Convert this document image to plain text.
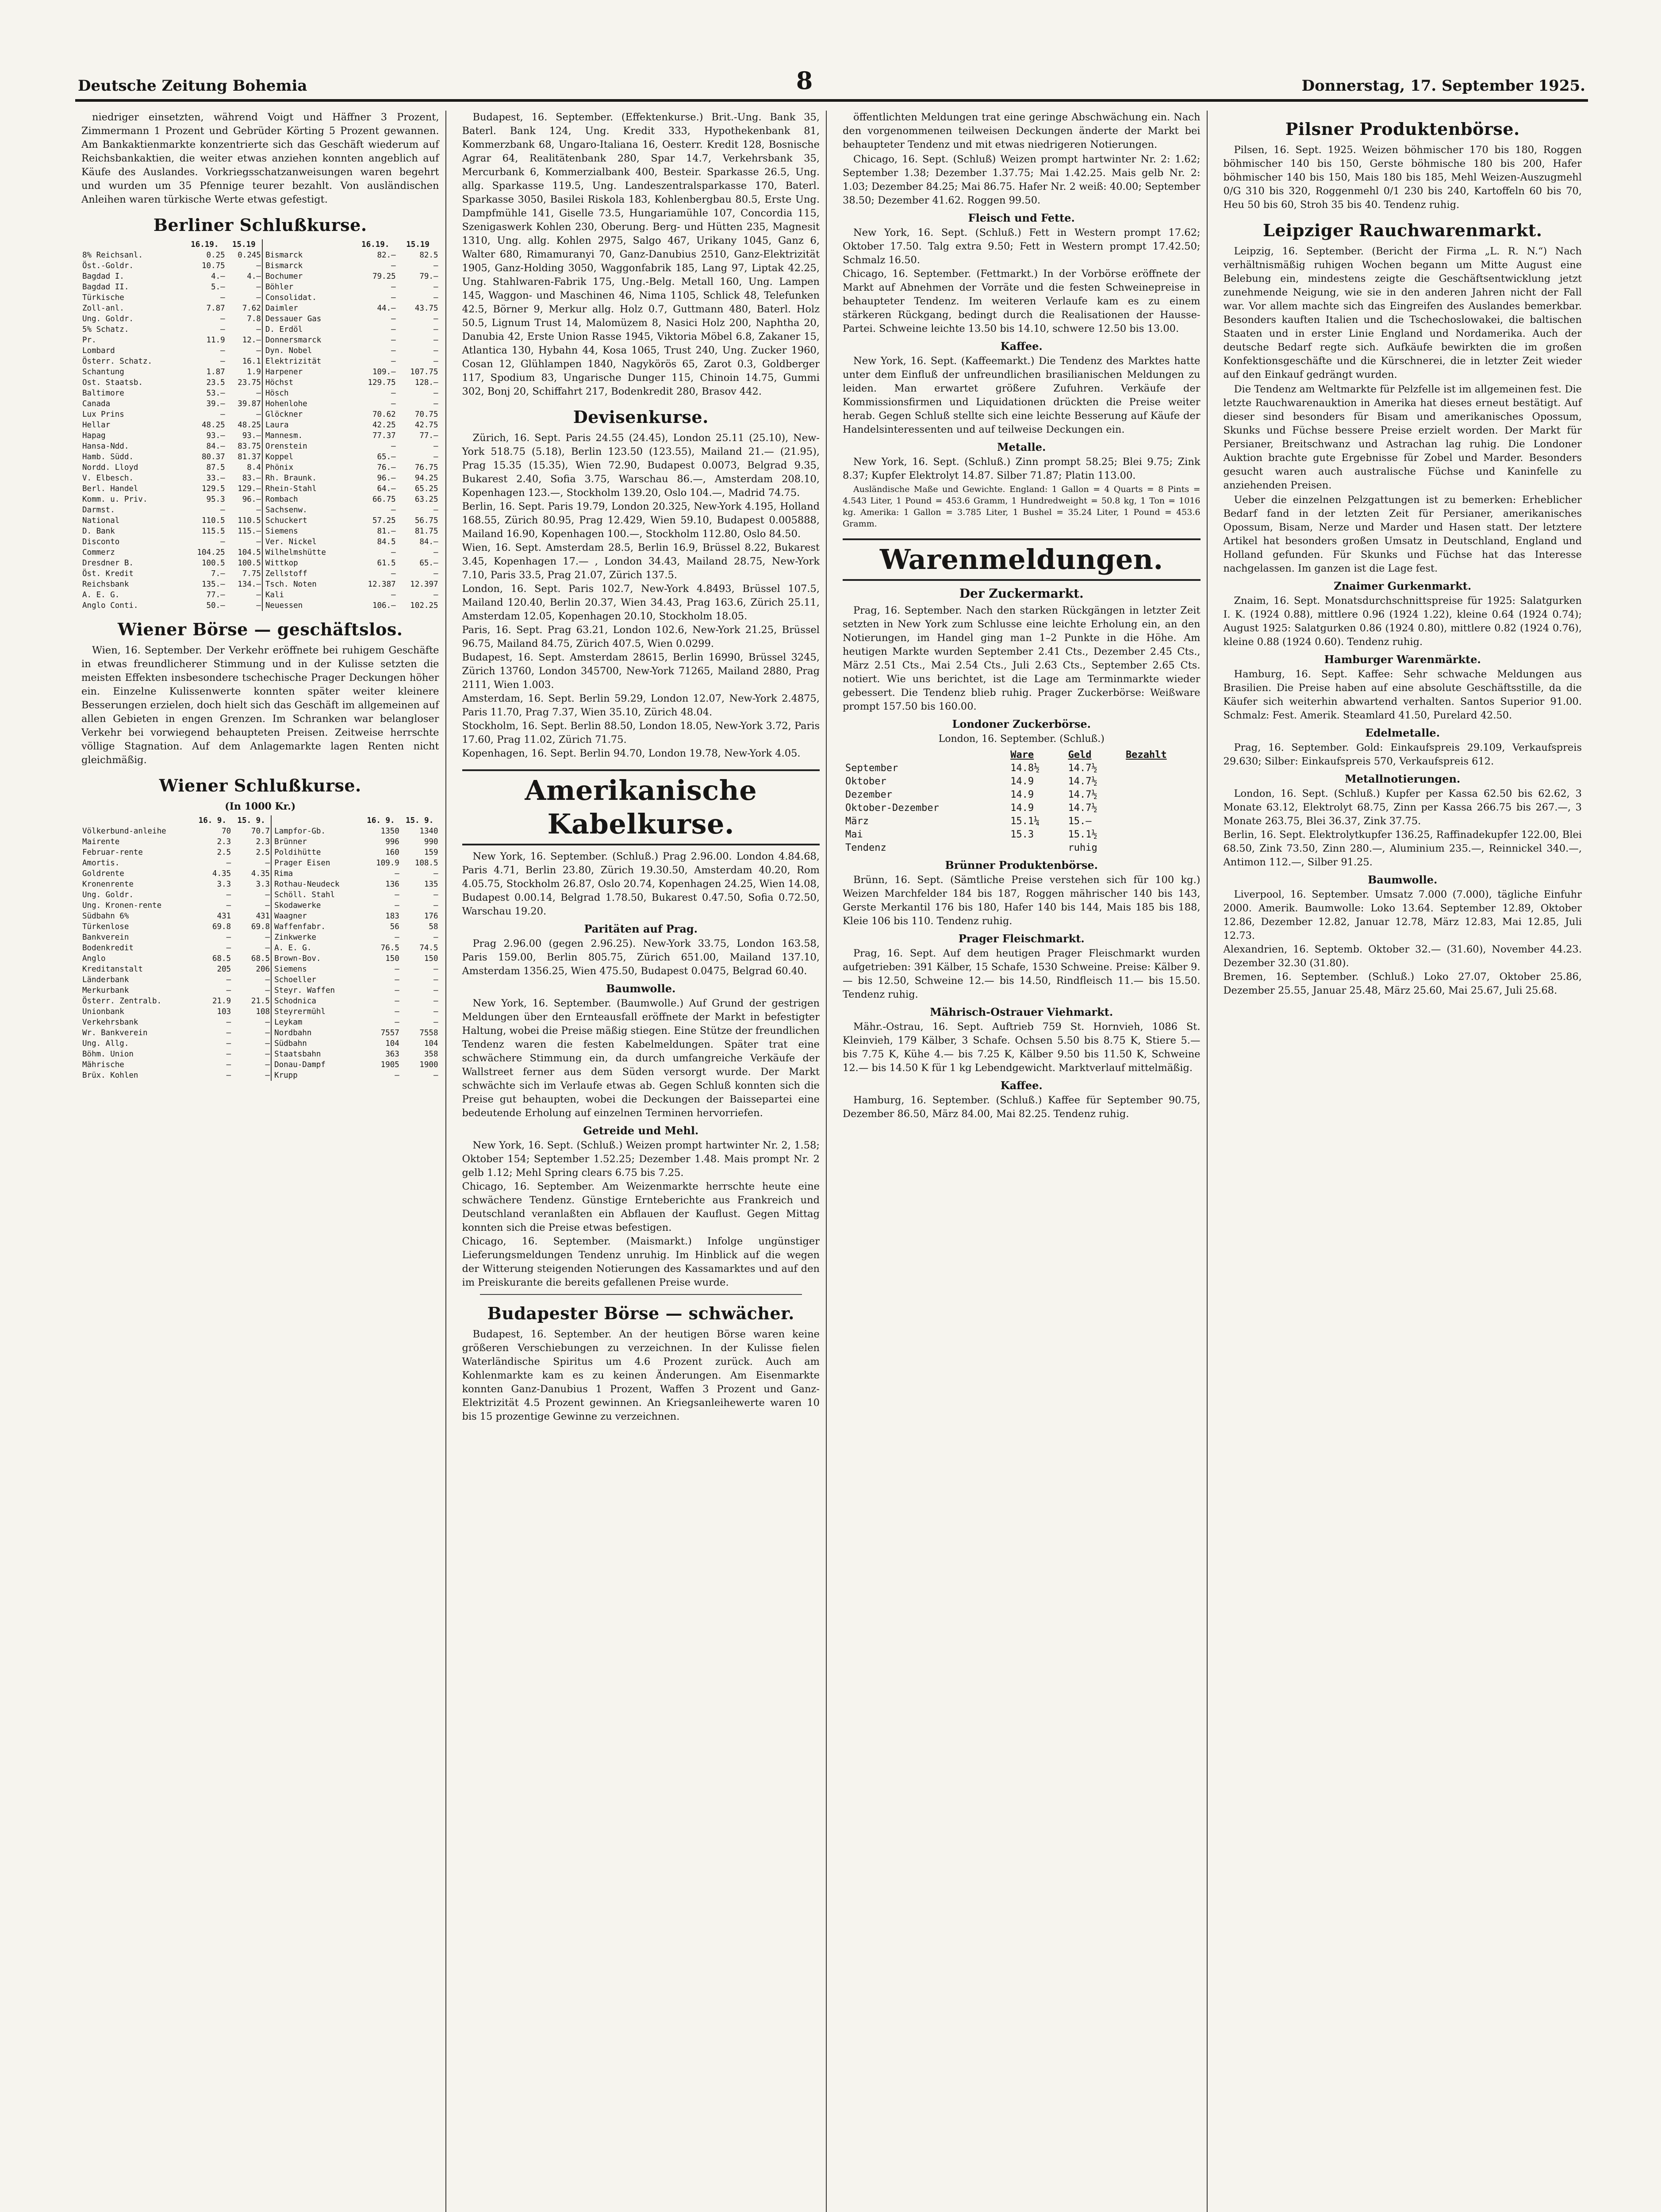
Deutsche Zeitung Bohemia	8	Donnerstag, 17. September 1925.

niedriger einsetzten, während Voigt und Häffner 3 Prozent, Zimmermann 1 Prozent und Gebrüder Körting 5 Prozent gewannen. Am Bankaktienmarkte konzentrierte sich das Geschäft wiederum auf Reichsbankaktien, die weiter etwas anziehen konnten angeblich auf Käufe des Auslandes. Vorkriegsschatzanweisungen waren begehrt und wurden um 35 Pfennige teurer bezahlt. Von ausländischen Anleihen waren türkische Werte etwas gefestigt.

Berliner Schlußkurse.
	16.19.	15.19		16.19.	15.19
8% Reichsanl.	0.25	0.245	Bismarck	82.—	82.5
Öst.-Goldr.	10.75	—	Bismarck	—	—
Bagdad I.	4.—	4.—	Bochumer	79.25	79.—
Bagdad II.	5.—	—	Böhler	—	—
Türkische	—	—	Consolidat.	—	—
Zoll-anl.	7.87	7.62	Daimler	44.—	43.75
Ung. Goldr.	—	7.8	Dessauer Gas	—	—
5% Schatz.	—	—	D. Erdöl	—	—
Pr.	11.9	12.—	Donnersmarck	—	—
Lombard	—	—	Dyn. Nobel	—	—
Österr. Schatz.	—	16.1	Elektrizität	—	—
Schantung	1.87	1.9	Harpener	109.—	107.75
Ost. Staatsb.	23.5	23.75	Höchst	129.75	128.—
Baltimore	53.—	—	Hösch	—	—
Canada	39.—	39.87	Hohenlohe	—	—
Lux Prins	—	—	Glöckner	70.62	70.75
Hellar	48.25	48.25	Laura	42.25	42.75
Hapag	93.—	93.—	Mannesm.	77.37	77.—
Hansa-Ndd.	84.—	83.75	Orenstein	—	—
Hamb. Südd.	80.37	81.37	Koppel	65.—	—
Nordd. Lloyd	87.5	8.4	Phönix	76.—	76.75
V. Elbesch.	33.—	83.—	Rh. Braunk.	96.—	94.25
Berl. Handel	129.5	129.—	Rhein-Stahl	64.—	65.25
Komm. u. Priv.	95.3	96.—	Rombach	66.75	63.25
Darmst.	—	—	Sachsenw.	—	—
National	110.5	110.5	Schuckert	57.25	56.75
D. Bank	115.5	115.—	Siemens	81.—	81.75
Disconto	—	—	Ver. Nickel	84.5	84.—
Commerz	104.25	104.5	Wilhelmshütte	—	—
Dresdner B.	100.5	100.5	Wittkop	61.5	65.—
Öst. Kredit	7.—	7.75	Zellstoff	—	—
Reichsbank	135.—	134.—	Tsch. Noten	12.387	12.397
A. E. G.	77.—	—	Kali	—	—
Anglo Conti.	50.—	—	Neuessen	106.—	102.25
Wiener Börse — geschäftslos.

Wien, 16. September. Der Verkehr eröffnete bei ruhigem Geschäfte in etwas freundlicherer Stimmung und in der Kulisse setzten die meisten Effekten insbesondere tschechische Prager Deckungen höher ein. Einzelne Kulissenwerte konnten später weiter kleinere Besserungen erzielen, doch hielt sich das Geschäft im allgemeinen auf allen Gebieten in engen Grenzen. Im Schranken war belangloser Verkehr bei vorwiegend behaupteten Preisen. Zeitweise herrschte völlige Stagnation. Auf dem Anlagemarkte lagen Renten nicht gleichmäßig.

Wiener Schlußkurse.
(In 1000 Kr.)
	16. 9.	15. 9.		16. 9.	15. 9.
Völkerbund-anleihe	70	70.7	Lampfor-Gb.	1350	1340
Mairente	2.3	2.3	Brünner	996	990
Februar-rente	2.5	2.5	Poldihütte	160	159
Amortis.	—	—	Prager Eisen	109.9	108.5
Goldrente	4.35	4.35	Rima	—	—
Kronenrente	3.3	3.3	Rothau-Neudeck	136	135
Ung. Goldr.	—	—	Schöll. Stahl	—	—
Ung. Kronen-rente	—	—	Skodawerke	—	—
Südbahn 6%	431	431	Waagner	183	176
Türkenlose	69.8	69.8	Waffenfabr.	56	58
Bankverein	—	—	Zinkwerke	—	—
Bodenkredit	—	—	A. E. G.	76.5	74.5
Anglo	68.5	68.5	Brown-Bov.	150	150
Kreditanstalt	205	206	Siemens	—	—
Länderbank	—	—	Schoeller	—	—
Merkurbank	—	—	Steyr. Waffen	—	—
Österr. Zentralb.	21.9	21.5	Schodnica	—	—
Unionbank	103	108	Steyrermühl	—	—
Verkehrsbank	—	—	Leykam	—	—
Wr. Bankverein	—	—	Nordbahn	7557	7558
Ung. Allg.	—	—	Südbahn	104	104
Böhm. Union	—	—	Staatsbahn	363	358
Mährische	—	—	Donau-Dampf	1905	1900
Brüx. Kohlen	—	—	Krupp	—	—

Budapest, 16. September. (Effektenkurse.) Brit.-Ung. Bank 35, Baterl. Bank 124, Ung. Kredit 333, Hypothekenbank 81, Kommerzbank 68, Ungaro-Italiana 16, Oesterr. Kredit 128, Bosnische Agrar 64, Realitätenbank 280, Spar 14.7, Verkehrsbank 35, Mercurbank 6, Kommerzialbank 400, Besteir. Sparkasse 26.5, Ung. allg. Sparkasse 119.5, Ung. Landeszentralsparkasse 170, Baterl. Sparkasse 3050, Basilei Riskola 183, Kohlenbergbau 80.5, Erste Ung. Dampfmühle 141, Giselle 73.5, Hungariamühle 107, Concordia 115, Szenigaswerk Kohlen 230, Oberung. Berg- und Hütten 235, Magnesit 1310, Ung. allg. Kohlen 2975, Salgo 467, Urikany 1045, Ganz 6, Walter 680, Rimamuranyi 70, Ganz-Danubius 2510, Ganz-Elektrizität 1905, Ganz-Holding 3050, Waggonfabrik 185, Lang 97, Liptak 42.25, Ung. Stahlwaren-Fabrik 175, Ung.-Belg. Metall 160, Ung. Lampen 145, Waggon- und Maschinen 46, Nima 1105, Schlick 48, Telefunken 42.5, Börner 9, Merkur allg. Holz 0.7, Guttmann 480, Baterl. Holz 50.5, Lignum Trust 14, Malomüzem 8, Nasici Holz 200, Naphtha 20, Danubia 42, Erste Union Rasse 1945, Viktoria Möbel 6.8, Zakaner 15, Atlantica 130, Hybahn 44, Kosa 1065, Trust 240, Ung. Zucker 1960, Cosan 12, Glühlampen 1840, Nagykörös 65, Zarot 0.3, Goldberger 117, Spodium 83, Ungarische Dunger 115, Chinoin 14.75, Gummi 302, Bonj 20, Schiffahrt 217, Bodenkredit 280, Brasov 442.

Devisenkurse.

Zürich, 16. Sept. Paris 24.55 (24.45), London 25.11 (25.10), New-York 518.75 (5.18), Berlin 123.50 (123.55), Mailand 21.— (21.95), Prag 15.35 (15.35), Wien 72.90, Budapest 0.0073, Belgrad 9.35, Bukarest 2.40, Sofia 3.75, Warschau 86.—, Amsterdam 208.10, Kopenhagen 123.—, Stockholm 139.20, Oslo 104.—, Madrid 74.75.
Berlin, 16. Sept. Paris 19.79, London 20.325, New-York 4.195, Holland 168.55, Zürich 80.95, Prag 12.429, Wien 59.10, Budapest 0.005888, Mailand 16.90, Kopenhagen 100.—, Stockholm 112.80, Oslo 84.50.
Wien, 16. Sept. Amsterdam 28.5, Berlin 16.9, Brüssel 8.22, Bukarest 3.45, Kopenhagen 17.— , London 34.43, Mailand 28.75, New-York 7.10, Paris 33.5, Prag 21.07, Zürich 137.5.
London, 16. Sept. Paris 102.7, New-York 4.8493, Brüssel 107.5, Mailand 120.40, Berlin 20.37, Wien 34.43, Prag 163.6, Zürich 25.11, Amsterdam 12.05, Kopenhagen 20.10, Stockholm 18.05.
Paris, 16. Sept. Prag 63.21, London 102.6, New-York 21.25, Brüssel 96.75, Mailand 84.75, Zürich 407.5, Wien 0.0299.
Budapest, 16. Sept. Amsterdam 28615, Berlin 16990, Brüssel 3245, Zürich 13760, London 345700, New-York 71265, Mailand 2880, Prag 2111, Wien 1.003.
Amsterdam, 16. Sept. Berlin 59.29, London 12.07, New-York 2.4875, Paris 11.70, Prag 7.37, Wien 35.10, Zürich 48.04.
Stockholm, 16. Sept. Berlin 88.50, London 18.05, New-York 3.72, Paris 17.60, Prag 11.02, Zürich 71.75.
Kopenhagen, 16. Sept. Berlin 94.70, London 19.78, New-York 4.05.

Amerikanische Kabelkurse.

New York, 16. September. (Schluß.) Prag 2.96.00. London 4.84.68, Paris 4.71, Berlin 23.80, Zürich 19.30.50, Amsterdam 40.20, Rom 4.05.75, Stockholm 26.87, Oslo 20.74, Kopenhagen 24.25, Wien 14.08, Budapest 0.00.14, Belgrad 1.78.50, Bukarest 0.47.50, Sofia 0.72.50, Warschau 19.20.

Paritäten auf Prag.

Prag 2.96.00 (gegen 2.96.25). New-York 33.75, London 163.58, Paris 159.00, Berlin 805.75, Zürich 651.00, Mailand 137.10, Amsterdam 1356.25, Wien 475.50, Budapest 0.0475, Belgrad 60.40.

Baumwolle.

New York, 16. September. (Baumwolle.) Auf Grund der gestrigen Meldungen über den Ernteausfall eröffnete der Markt in befestigter Haltung, wobei die Preise mäßig stiegen. Eine Stütze der freundlichen Tendenz waren die festen Kabelmeldungen. Später trat eine schwächere Stimmung ein, da durch umfangreiche Verkäufe der Wallstreet ferner aus dem Süden versorgt wurde. Der Markt schwächte sich im Verlaufe etwas ab. Gegen Schluß konnten sich die Preise gut behaupten, wobei die Deckungen der Baissepartei eine bedeutende Erholung auf einzelnen Terminen hervorriefen.

Getreide und Mehl.

New York, 16. Sept. (Schluß.) Weizen prompt hartwinter Nr. 2, 1.58; Oktober 154; September 1.52.25; Dezember 1.48. Mais prompt Nr. 2 gelb 1.12; Mehl Spring clears 6.75 bis 7.25.
Chicago, 16. September. Am Weizenmarkte herrschte heute eine schwächere Tendenz. Günstige Ernteberichte aus Frankreich und Deutschland veranlaßten ein Abflauen der Kauflust. Gegen Mittag konnten sich die Preise etwas befestigen.
Chicago, 16. September. (Maismarkt.) Infolge ungünstiger Lieferungsmeldungen Tendenz unruhig. Im Hinblick auf die wegen der Witterung steigenden Notierungen des Kassamarktes und auf den im Preiskurante die bereits gefallenen Preise wurde.

Budapester Börse — schwächer.

Budapest, 16. September. An der heutigen Börse waren keine größeren Verschiebungen zu verzeichnen. In der Kulisse fielen Waterländische Spiritus um 4.6 Prozent zurück. Auch am Kohlenmarkte kam es zu keinen Änderungen. Am Eisenmarkte konnten Ganz-Danubius 1 Prozent, Waffen 3 Prozent und Ganz-Elektrizität 4.5 Prozent gewinnen. An Kriegsanleihewerte waren 10 bis 15 prozentige Gewinne zu verzeichnen.

öffentlichten Meldungen trat eine geringe Abschwächung ein. Nach den vorgenommenen teilweisen Deckungen änderte der Markt bei behaupteter Tendenz und mit etwas niedrigeren Notierungen.

Chicago, 16. Sept. (Schluß) Weizen prompt hartwinter Nr. 2: 1.62; September 1.38; Dezember 1.37.75; Mai 1.42.25. Mais gelb Nr. 2: 1.03; Dezember 84.25; Mai 86.75. Hafer Nr. 2 weiß: 40.00; September 38.50; Dezember 41.62. Roggen 99.50.

Fleisch und Fette.

New York, 16. Sept. (Schluß.) Fett in Western prompt 17.62; Oktober 17.50. Talg extra 9.50; Fett in Western prompt 17.42.50; Schmalz 16.50.
Chicago, 16. September. (Fettmarkt.) In der Vorbörse eröffnete der Markt auf Abnehmen der Vorräte und die festen Schweinepreise in behaupteter Tendenz. Im weiteren Verlaufe kam es zu einem stärkeren Rückgang, bedingt durch die Realisationen der Hausse-Partei. Schweine leichte 13.50 bis 14.10, schwere 12.50 bis 13.00.

Kaffee.

New York, 16. Sept. (Kaffeemarkt.) Die Tendenz des Marktes hatte unter dem Einfluß der unfreundlichen brasilianischen Meldungen zu leiden. Man erwartet größere Zufuhren. Verkäufe der Kommissionsfirmen und Liquidationen drückten die Preise weiter herab. Gegen Schluß stellte sich eine leichte Besserung auf Käufe der Handelsinteressenten und auf teilweise Deckungen ein.

Metalle.

New York, 16. Sept. (Schluß.) Zinn prompt 58.25; Blei 9.75; Zink 8.37; Kupfer Elektrolyt 14.87. Silber 71.87; Platin 113.00.

Ausländische Maße und Gewichte. England: 1 Gallon = 4 Quarts = 8 Pints = 4.543 Liter, 1 Pound = 453.6 Gramm, 1 Hundredweight = 50.8 kg, 1 Ton = 1016 kg. Amerika: 1 Gallon = 3.785 Liter, 1 Bushel = 35.24 Liter, 1 Pound = 453.6 Gramm.

Warenmeldungen.
Der Zuckermarkt.

Prag, 16. September. Nach den starken Rückgängen in letzter Zeit setzten in New York zum Schlusse eine leichte Erholung ein, an den Notierungen, im Handel ging man 1–2 Punkte in die Höhe. Am heutigen Markte wurden September 2.41 Cts., Dezember 2.45 Cts., März 2.51 Cts., Mai 2.54 Cts., Juli 2.63 Cts., September 2.65 Cts. notiert. Wie uns berichtet, ist die Lage am Terminmarkte wieder gebessert. Die Tendenz blieb ruhig. Prager Zuckerbörse: Weißware prompt 157.50 bis 160.00.

Londoner Zuckerbörse.
London, 16. September. (Schluß.)
	Ware	Geld	Bezahlt
September	14.8½	14.7½	
Oktober	14.9	14.7½	
Dezember	14.9	14.7½	
Oktober-Dezember	14.9	14.7½	
März	15.1¼	15.—	
Mai	15.3	15.1½	
Tendenz		ruhig	
Brünner Produktenbörse.

Brünn, 16. Sept. (Sämtliche Preise verstehen sich für 100 kg.) Weizen Marchfelder 184 bis 187, Roggen mährischer 140 bis 143, Gerste Merkantil 176 bis 180, Hafer 140 bis 144, Mais 185 bis 188, Kleie 106 bis 110. Tendenz ruhig.

Prager Fleischmarkt.

Prag, 16. Sept. Auf dem heutigen Prager Fleischmarkt wurden aufgetrieben: 391 Kälber, 15 Schafe, 1530 Schweine. Preise: Kälber 9.— bis 12.50, Schweine 12.— bis 14.50, Rindfleisch 11.— bis 15.50. Tendenz ruhig.

Mährisch-Ostrauer Viehmarkt.

Mähr.-Ostrau, 16. Sept. Auftrieb 759 St. Hornvieh, 1086 St. Kleinvieh, 179 Kälber, 3 Schafe. Ochsen 5.50 bis 8.75 K, Stiere 5.— bis 7.75 K, Kühe 4.— bis 7.25 K, Kälber 9.50 bis 11.50 K, Schweine 12.— bis 14.50 K für 1 kg Lebendgewicht. Marktverlauf mittelmäßig.

Kaffee.

Hamburg, 16. September. (Schluß.) Kaffee für September 90.75, Dezember 86.50, März 84.00, Mai 82.25. Tendenz ruhig.

Pilsner Produktenbörse.

Pilsen, 16. Sept. 1925. Weizen böhmischer 170 bis 180, Roggen böhmischer 140 bis 150, Gerste böhmische 180 bis 200, Hafer böhmischer 140 bis 150, Mais 180 bis 185, Mehl Weizen-Auszugmehl 0/G 310 bis 320, Roggenmehl 0/1 230 bis 240, Kartoffeln 60 bis 70, Heu 50 bis 60, Stroh 35 bis 40. Tendenz ruhig.

Leipziger Rauchwarenmarkt.

Leipzig, 16. September. (Bericht der Firma „L. R. N.“) Nach verhältnismäßig ruhigen Wochen begann um Mitte August eine Belebung ein, mindestens zeigte die Geschäftsentwicklung jetzt zunehmende Neigung, wie sie in den anderen Jahren nicht der Fall war. Vor allem machte sich das Eingreifen des Auslandes bemerkbar. Besonders kauften Italien und die Tschechoslowakei, die baltischen Staaten und in erster Linie England und Nordamerika. Auch der deutsche Bedarf regte sich. Aufkäufe bewirkten die im großen Konfektionsgeschäfte und die Kürschnerei, die in letzter Zeit wieder auf den Einkauf gedrängt wurden.

Die Tendenz am Weltmarkte für Pelzfelle ist im allgemeinen fest. Die letzte Rauchwarenauktion in Amerika hat dieses erneut bestätigt. Auf dieser sind besonders für Bisam und amerikanisches Opossum, Skunks und Füchse bessere Preise erzielt worden. Der Markt für Persianer, Breitschwanz und Astrachan lag ruhig. Die Londoner Auktion brachte gute Ergebnisse für Zobel und Marder. Besonders gesucht waren auch australische Füchse und Kaninfelle zu anziehenden Preisen.

Ueber die einzelnen Pelzgattungen ist zu bemerken: Erheblicher Bedarf fand in der letzten Zeit für Persianer, amerikanisches Opossum, Bisam, Nerze und Marder und Hasen statt. Der letztere Artikel hat besonders großen Umsatz in Deutschland, England und Holland gefunden. Für Skunks und Füchse hat das Interesse nachgelassen. Im ganzen ist die Lage fest.

Znaimer Gurkenmarkt.

Znaim, 16. Sept. Monatsdurchschnittspreise für 1925: Salatgurken I. K. (1924 0.88), mittlere 0.96 (1924 1.22), kleine 0.64 (1924 0.74); August 1925: Salatgurken 0.86 (1924 0.80), mittlere 0.82 (1924 0.76), kleine 0.88 (1924 0.60). Tendenz ruhig.

Hamburger Warenmärkte.

Hamburg, 16. Sept. Kaffee: Sehr schwache Meldungen aus Brasilien. Die Preise haben auf eine absolute Geschäftsstille, da die Käufer sich weiterhin abwartend verhalten. Santos Superior 91.00. Schmalz: Fest. Amerik. Steamlard 41.50, Purelard 42.50.

Edelmetalle.

Prag, 16. September. Gold: Einkaufspreis 29.109, Verkaufspreis 29.630; Silber: Einkaufspreis 570, Verkaufspreis 612.

Metallnotierungen.

London, 16. Sept. (Schluß.) Kupfer per Kassa 62.50 bis 62.62, 3 Monate 63.12, Elektrolyt 68.75, Zinn per Kassa 266.75 bis 267.—, 3 Monate 263.75, Blei 36.37, Zink 37.75.
Berlin, 16. Sept. Elektrolytkupfer 136.25, Raffinadekupfer 122.00, Blei 68.50, Zink 73.50, Zinn 280.—, Aluminium 235.—, Reinnickel 340.—, Antimon 112.—, Silber 91.25.

Baumwolle.

Liverpool, 16. September. Umsatz 7.000 (7.000), tägliche Einfuhr 2000. Amerik. Baumwolle: Loko 13.64. September 12.89, Oktober 12.86, Dezember 12.82, Januar 12.78, März 12.83, Mai 12.85, Juli 12.73.
Alexandrien, 16. Septemb. Oktober 32.— (31.60), November 44.23. Dezember 32.30 (31.80).
Bremen, 16. September. (Schluß.) Loko 27.07, Oktober 25.86, Dezember 25.55, Januar 25.48, März 25.60, Mai 25.67, Juli 25.68.
